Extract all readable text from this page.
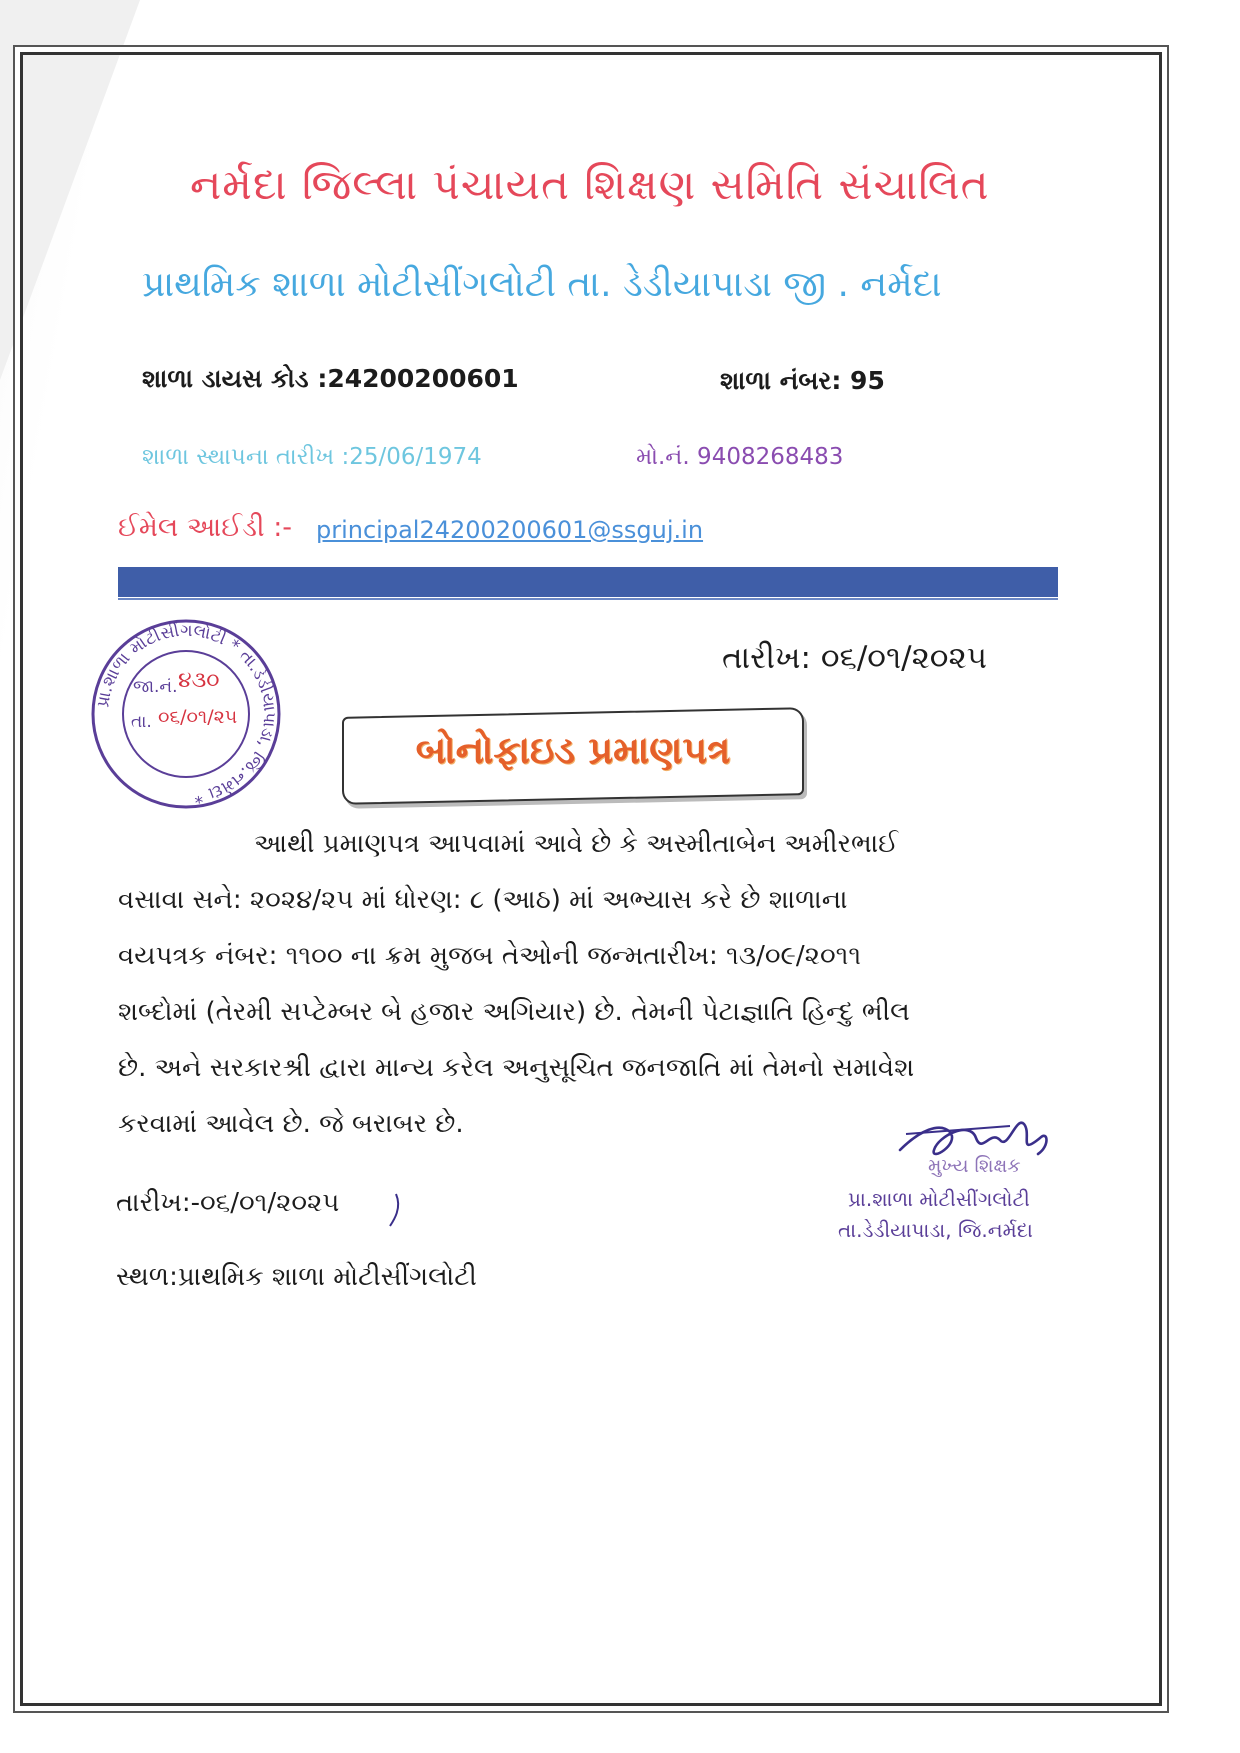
નર્મદા જિલ્લા પંચાયત શિક્ષણ સમિતિ સંચાલિત
પ્રાથમિક શાળા મોટીસીંગલોટી તા. ડેડીયાપાડા જી . નર્મદા
શાળા ડાયસ કોડ :24200200601	શાળા નંબર: 95
શાળા સ્થાપના તારીખ :25/06/1974	મો.નં. 9408268483
ઈમેલ આઈડી :- principal24200200601@ssguj.in
પ્રા.શાળા મોટીસીંગલોટી * તા.ડેડીયાપાડા, જિ.નર્મદા *
જા.નં. ૪૩૦
તા. ૦૬/૦૧/૨૫
તારીખ: ૦૬/૦૧/૨૦૨૫
બોનોફાઇડ પ્રમાણપત્ર
આથી પ્રમાણપત્ર આપવામાં આવે છે કે અસ્મીતાબેન અમીરભાઈ
વસાવા સને: ૨૦૨૪/૨૫ માં ધોરણ: ૮ (આઠ) માં અભ્યાસ કરે છે શાળાના
વયપત્રક નંબર: ૧૧૦૦ ના ક્રમ મુજબ તેઓની જન્મતારીખ: ૧૩/૦૯/૨૦૧૧
શબ્દોમાં (તેરમી સપ્ટેમ્બર બે હજાર અગિયાર) છે. તેમની પેટાજ્ઞાતિ હિન્દુ ભીલ
છે. અને સરકારશ્રી દ્વારા માન્ય કરેલ અનુસૂચિત જનજાતિ માં તેમનો સમાવેશ
કરવામાં આવેલ છે. જે બરાબર છે.
તારીખ:-૦૬/૦૧/૨૦૨૫
સ્થળ:પ્રાથમિક શાળા મોટીસીંગલોટી
મુખ્ય શિક્ષક
પ્રા.શાળા મોટીસીંગલોટી
તા.ડેડીયાપાડા, જિ.નર્મદા
